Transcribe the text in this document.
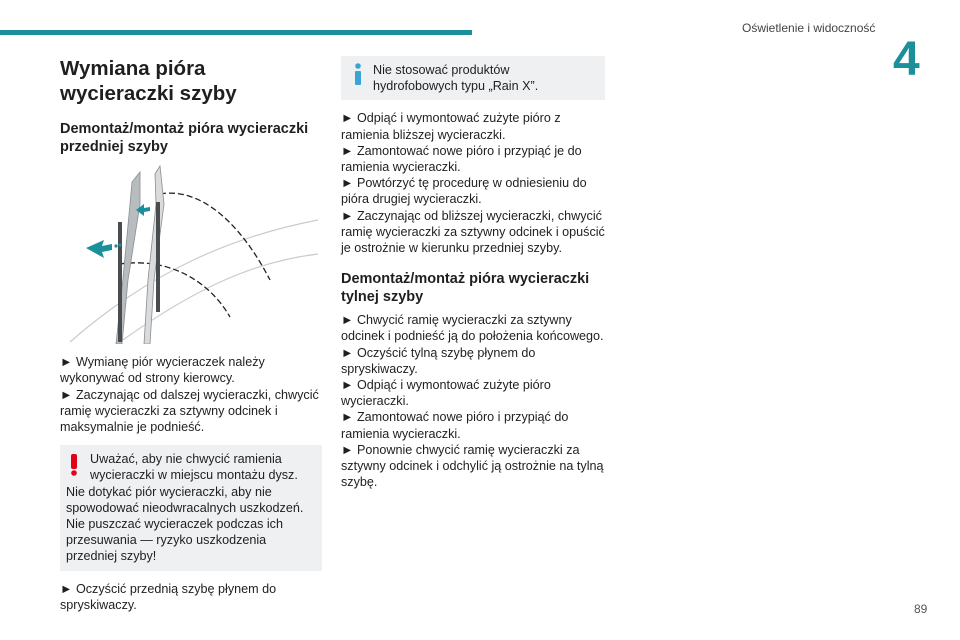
Oświetlenie i widoczność
4
Wymiana pióra wycieraczki szyby
Demontaż/montaż pióra wycieraczki przedniej szyby

► Wymianę piór wycieraczek należy wykonywać od strony kierowcy.

► Zaczynając od dalszej wycieraczki, chwycić ramię wycieraczki za sztywny odcinek i maksymalnie je podnieść.

Uważać, aby nie chwycić ramienia wycieraczki w miejscu montażu dysz.

Nie dotykać piór wycieraczki, aby nie spowodować nieodwracalnych uszkodzeń.

Nie puszczać wycieraczek podczas ich przesuwania — ryzyko uszkodzenia przedniej szyby!

► Oczyścić przednią szybę płynem do spryskiwaczy.

Nie stosować produktów hydrofobowych typu „Rain X”.

► Odpiąć i wymontować zużyte pióro z ramienia bliższej wycieraczki.

► Zamontować nowe pióro i przypiąć je do ramienia wycieraczki.

► Powtórzyć tę procedurę w odniesieniu do pióra drugiej wycieraczki.

► Zaczynając od bliższej wycieraczki, chwycić ramię wycieraczki za sztywny odcinek i opuścić je ostrożnie w kierunku przedniej szyby.

Demontaż/montaż pióra wycieraczki tylnej szyby

► Chwycić ramię wycieraczki za sztywny odcinek i podnieść ją do położenia końcowego.

► Oczyścić tylną szybę płynem do spryskiwaczy.

► Odpiąć i wymontować zużyte pióro wycieraczki.

► Zamontować nowe pióro i przypiąć do ramienia wycieraczki.

► Ponownie chwycić ramię wycieraczki za sztywny odcinek i odchylić ją ostrożnie na tylną szybę.

89
